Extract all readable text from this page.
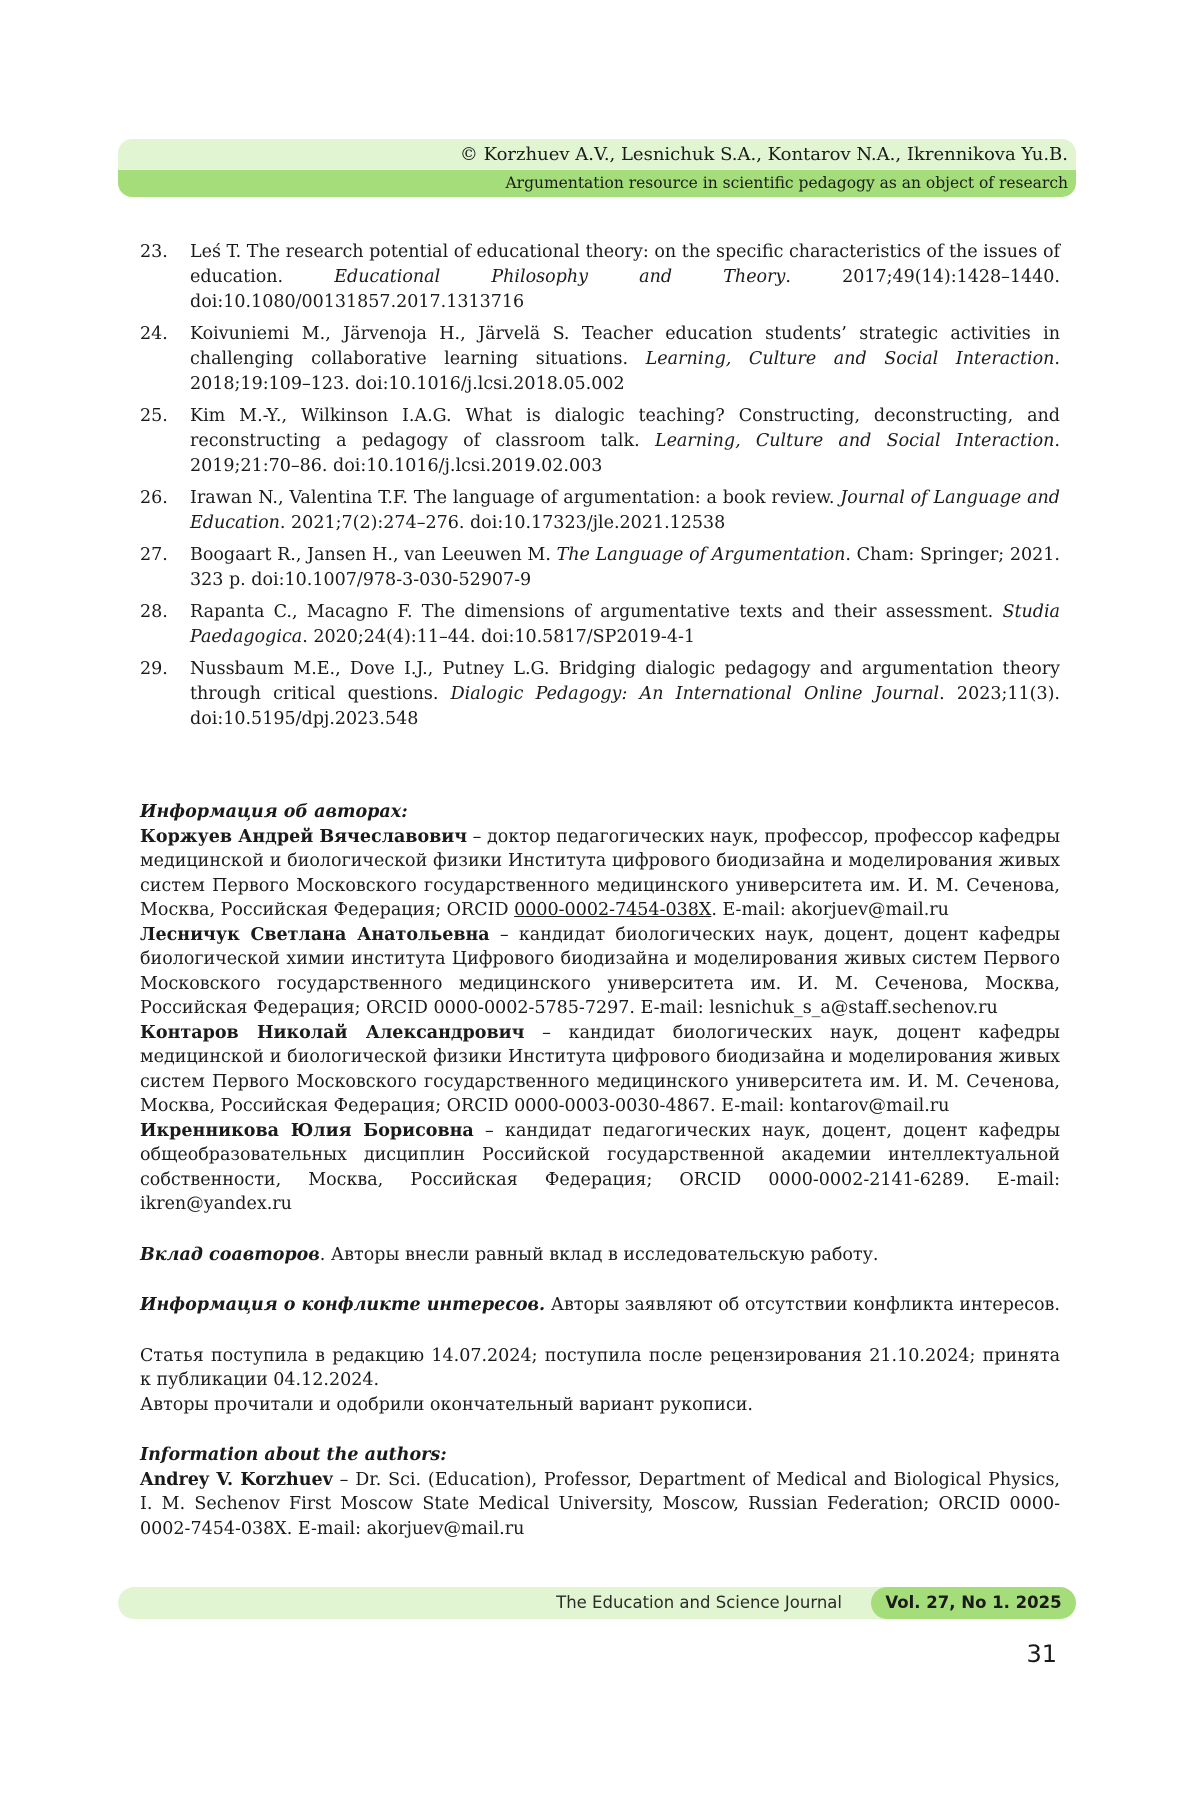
© Korzhuev A.V., Lesnichuk S.A., Kontarov N.A., Ikrennikova Yu.B.
Argumentation resource in scientific pedagogy as an object of research
23.	Leś T. The research potential of educational theory: on the specific characteristics of the issues of education. Educational Philosophy and Theory. 2017;49(14):1428–1440. doi:10.1080/00131857.2017.1313716
24.	Koivuniemi M., Järvenoja H., Järvelä S. Teacher education students’ strategic activities in challenging collaborative learning situations. Learning, Culture and Social Interaction. 2018;19:109–123. doi:10.1016/j.lcsi.2018.05.002
25.	Kim M.-Y., Wilkinson I.A.G. What is dialogic teaching? Constructing, deconstructing, and reconstructing a pedagogy of classroom talk. Learning, Culture and Social Interaction. 2019;21:70–86. doi:10.1016/j.lcsi.2019.02.003
26.	Irawan N., Valentina T.F. The language of argumentation: a book review. Journal of Language and Education. 2021;7(2):274–276. doi:10.17323/jle.2021.12538
27.	Boogaart R., Jansen H., van Leeuwen M. The Language of Argumentation. Cham: Springer; 2021. 323 p. doi:10.1007/978-3-030-52907-9
28.	Rapanta C., Macagno F. The dimensions of argumentative texts and their assessment. Studia Paedagogica. 2020;24(4):11–44. doi:10.5817/SP2019-4-1
29.	Nussbaum M.E., Dove I.J., Putney L.G. Bridging dialogic pedagogy and argumentation theory through critical questions. Dialogic Pedagogy: An International Online Journal. 2023;11(3). doi:10.5195/dpj.2023.548

Информация об авторах:

Коржуев Андрей Вячеславович – доктор педагогических наук, профессор, профессор кафедры медицинской и биологической физики Института цифрового биодизайна и моделирования живых систем Первого Московского государственного медицинского университета им. И. М. Сеченова, Москва, Российская Федерация; ORCID 0000-0002-7454-038X. E-mail: akorjuev@mail.ru

Лесничук Светлана Анатольевна – кандидат биологических наук, доцент, доцент кафедры биологической химии института Цифрового биодизайна и моделирования живых систем Первого Московского государственного медицинского университета им. И. М. Сеченова, Москва, Российская Федерация; ORCID 0000-0002-5785-7297. E-mail: lesnichuk_s_a@staff.sechenov.ru

Контаров Николай Александрович – кандидат биологических наук, доцент кафедры медицинской и биологической физики Института цифрового биодизайна и моделирования живых систем Первого Московского государственного медицинского университета им. И. М. Сеченова, Москва, Российская Федерация; ORCID 0000-0003-0030-4867. E-mail: kontarov@mail.ru

Икренникова Юлия Борисовна – кандидат педагогических наук, доцент, доцент кафедры общеобразовательных дисциплин Российской государственной академии интеллектуальной собственности, Москва, Российская Федерация; ORCID 0000-0002-2141-6289. E-mail: ikren@yandex.ru

Вклад соавторов. Авторы внесли равный вклад в исследовательскую работу.

Информация о конфликте интересов. Авторы заявляют об отсутствии конфликта интересов.

Статья поступила в редакцию 14.07.2024; поступила после рецензирования 21.10.2024; принята к публикации 04.12.2024.

Авторы прочитали и одобрили окончательный вариант рукописи.

Information about the authors:

Andrey V. Korzhuev – Dr. Sci. (Education), Professor, Department of Medical and Biological Physics, I. M. Sechenov First Moscow State Medical University, Moscow, Russian Federation; ORCID 0000-0002-7454-038X. E-mail: akorjuev@mail.ru

The Education and Science Journal	Vol. 27, No 1. 2025
31
